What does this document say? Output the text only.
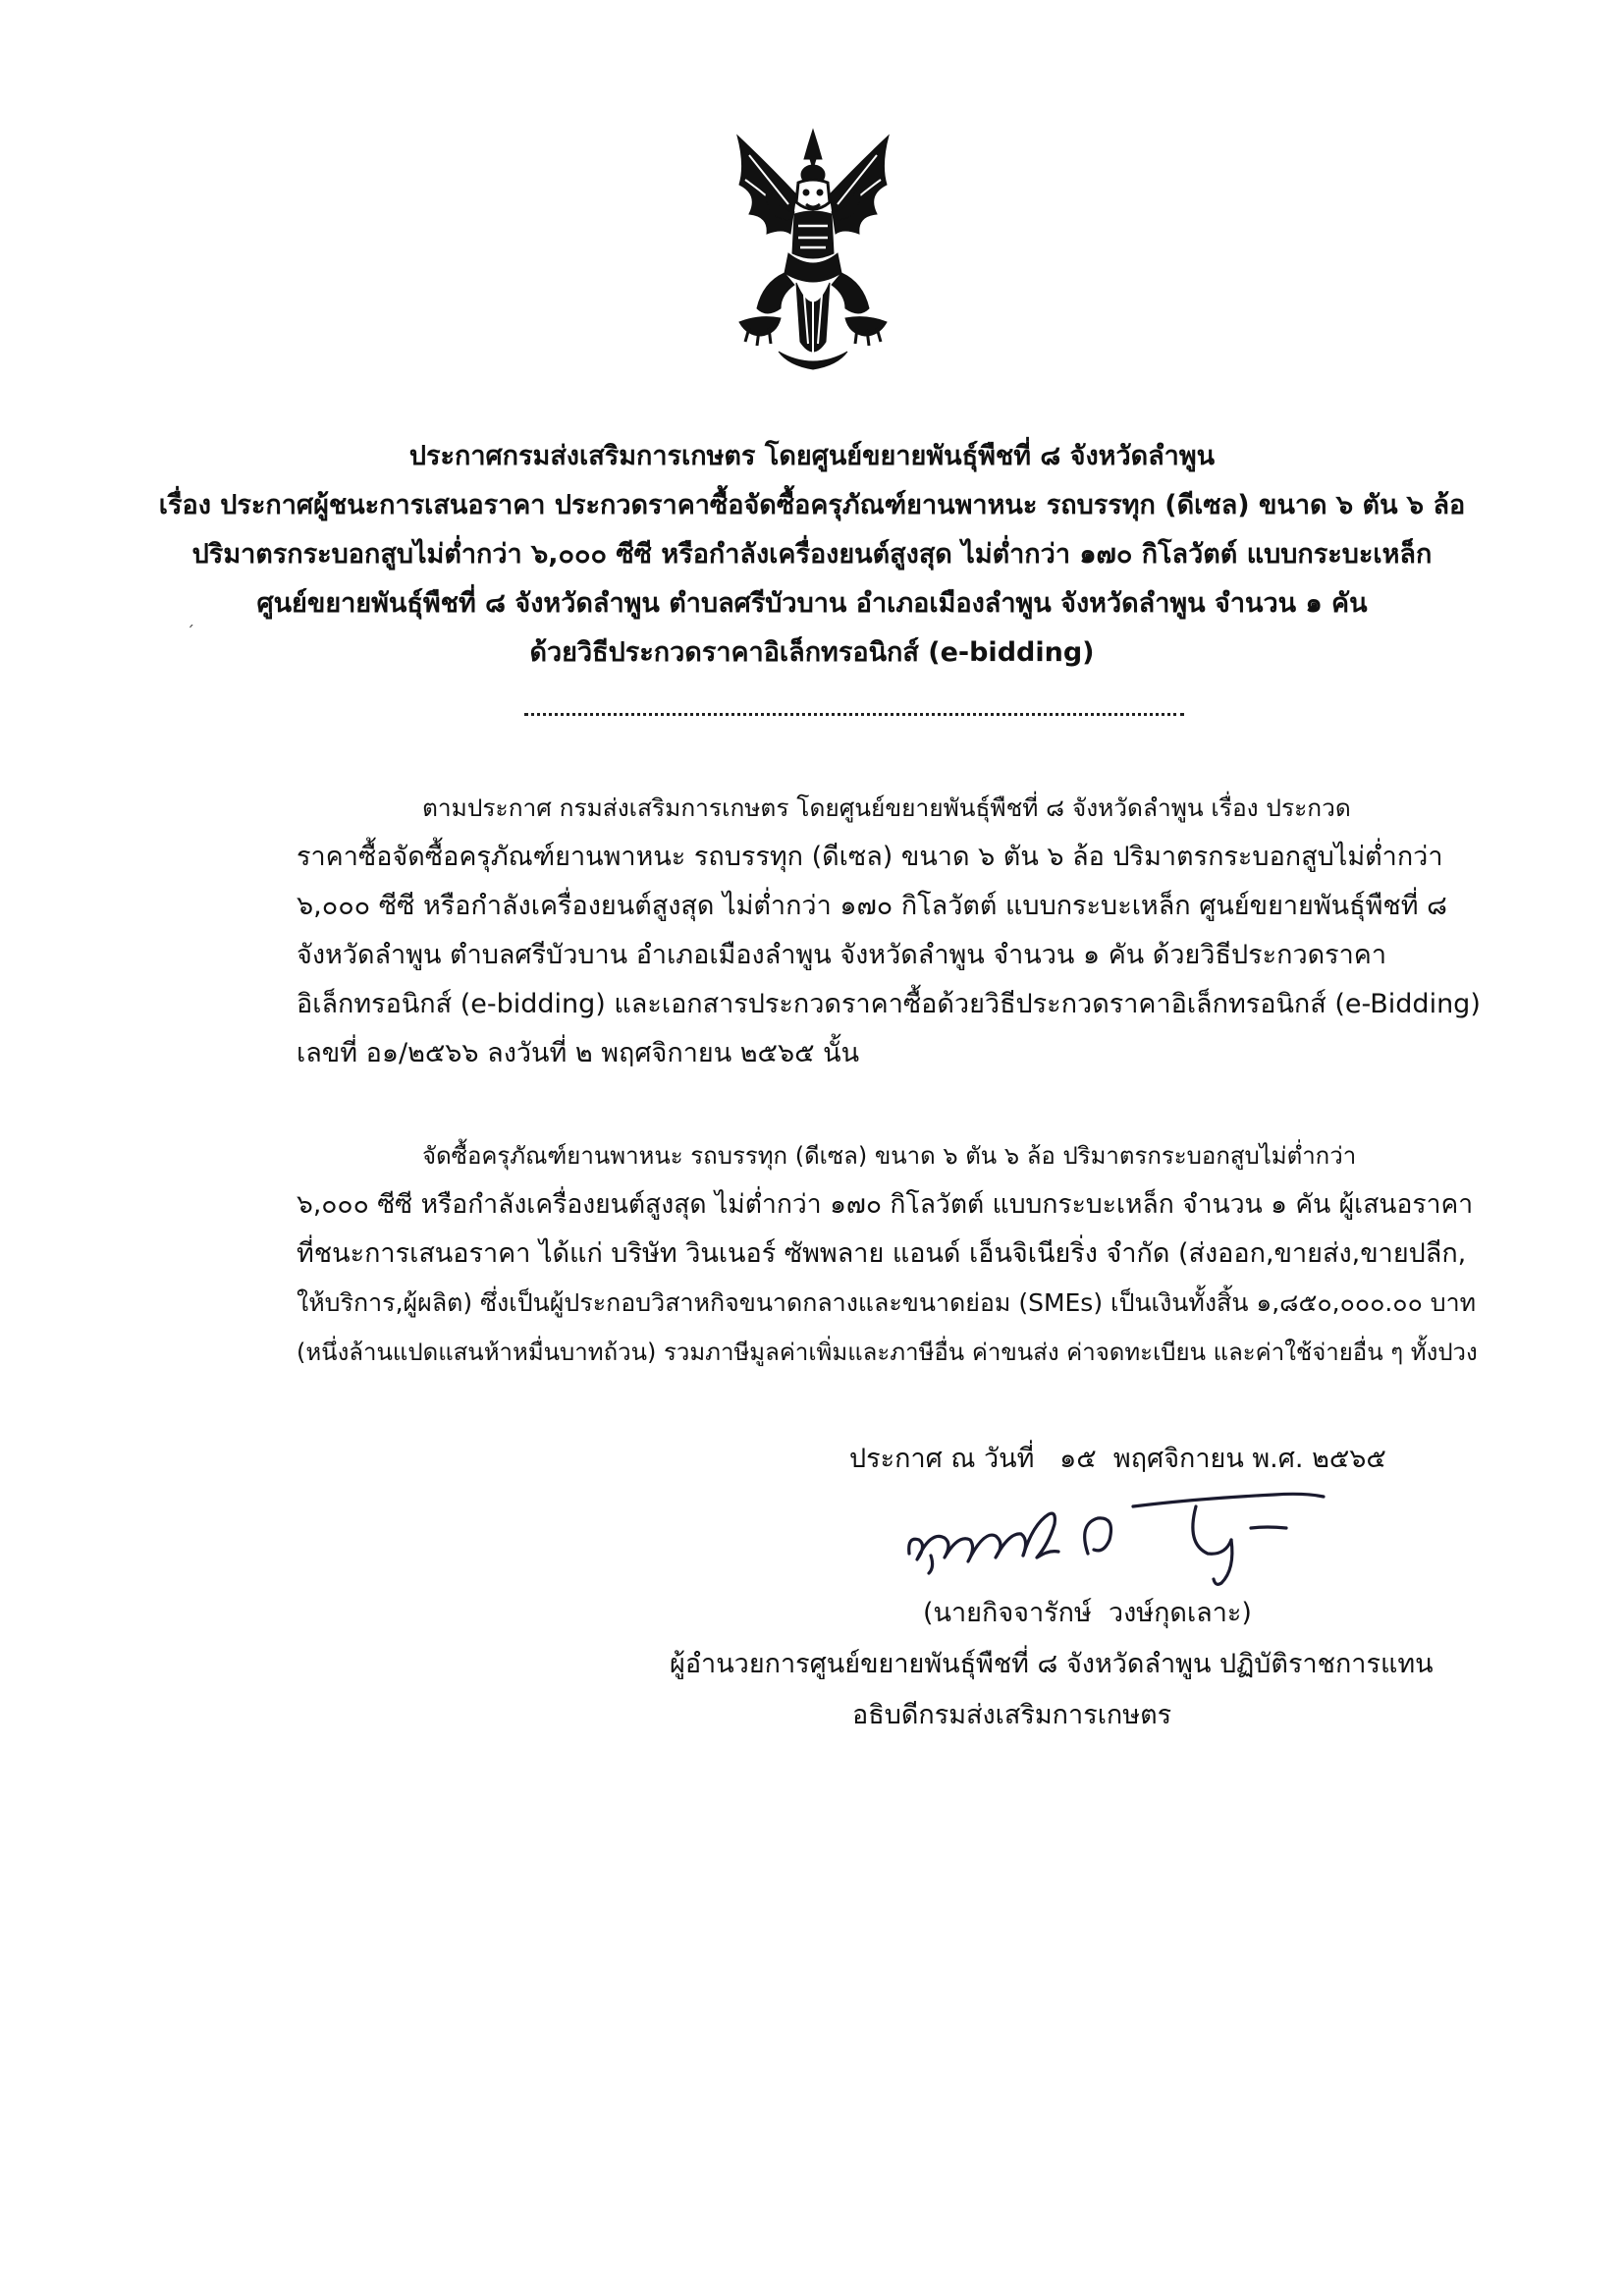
ประกาศกรมส่งเสริมการเกษตร โดยศูนย์ขยายพันธุ์พืชที่ ๘ จังหวัดลำพูน
เรื่อง ประกาศผู้ชนะการเสนอราคา ประกวดราคาซื้อจัดซื้อครุภัณฑ์ยานพาหนะ รถบรรทุก (ดีเซล) ขนาด ๖ ตัน ๖ ล้อ
ปริมาตรกระบอกสูบไม่ต่ำกว่า ๖,๐๐๐ ซีซี หรือกำลังเครื่องยนต์สูงสุด ไม่ต่ำกว่า ๑๗๐ กิโลวัตต์ แบบกระบะเหล็ก
ศูนย์ขยายพันธุ์พืชที่ ๘ จังหวัดลำพูน ตำบลศรีบัวบาน อำเภอเมืองลำพูน จังหวัดลำพูน จำนวน ๑ คัน
ด้วยวิธีประกวดราคาอิเล็กทรอนิกส์ (e-bidding)
ˏ
ตามประกาศ กรมส่งเสริมการเกษตร โดยศูนย์ขยายพันธุ์พืชที่ ๘ จังหวัดลำพูน เรื่อง ประกวด
ราคาซื้อจัดซื้อครุภัณฑ์ยานพาหนะ รถบรรทุก (ดีเซล) ขนาด ๖ ตัน ๖ ล้อ ปริมาตรกระบอกสูบไม่ต่ำกว่า
๖,๐๐๐ ซีซี หรือกำลังเครื่องยนต์สูงสุด ไม่ต่ำกว่า ๑๗๐ กิโลวัตต์ แบบกระบะเหล็ก ศูนย์ขยายพันธุ์พืชที่ ๘
จังหวัดลำพูน ตำบลศรีบัวบาน อำเภอเมืองลำพูน จังหวัดลำพูน จำนวน ๑ คัน ด้วยวิธีประกวดราคา
อิเล็กทรอนิกส์ (e-bidding) และเอกสารประกวดราคาซื้อด้วยวิธีประกวดราคาอิเล็กทรอนิกส์ (e-Bidding)
เลขที่ อ๑/๒๕๖๖ ลงวันที่ ๒ พฤศจิกายน ๒๕๖๕ นั้น
จัดซื้อครุภัณฑ์ยานพาหนะ รถบรรทุก (ดีเซล) ขนาด ๖ ตัน ๖ ล้อ ปริมาตรกระบอกสูบไม่ต่ำกว่า
๖,๐๐๐ ซีซี หรือกำลังเครื่องยนต์สูงสุด ไม่ต่ำกว่า ๑๗๐ กิโลวัตต์ แบบกระบะเหล็ก จำนวน ๑ คัน ผู้เสนอราคา
ที่ชนะการเสนอราคา ได้แก่ บริษัท วินเนอร์ ซัพพลาย แอนด์ เอ็นจิเนียริ่ง จำกัด (ส่งออก,ขายส่ง,ขายปลีก,
ให้บริการ,ผู้ผลิต) ซึ่งเป็นผู้ประกอบวิสาหกิจขนาดกลางและขนาดย่อม (SMEs) เป็นเงินทั้งสิ้น ๑,๘๕๐,๐๐๐.๐๐ บาท
(หนึ่งล้านแปดแสนห้าหมื่นบาทถ้วน) รวมภาษีมูลค่าเพิ่มและภาษีอื่น ค่าขนส่ง ค่าจดทะเบียน และค่าใช้จ่ายอื่น ๆ ทั้งปวง
ประกาศ ณ วันที่   ๑๕  พฤศจิกายน พ.ศ. ๒๕๖๕
(นายกิจจารักษ์  วงษ์กุดเลาะ)
ผู้อำนวยการศูนย์ขยายพันธุ์พืชที่ ๘ จังหวัดลำพูน ปฏิบัติราชการแทน
อธิบดีกรมส่งเสริมการเกษตร
